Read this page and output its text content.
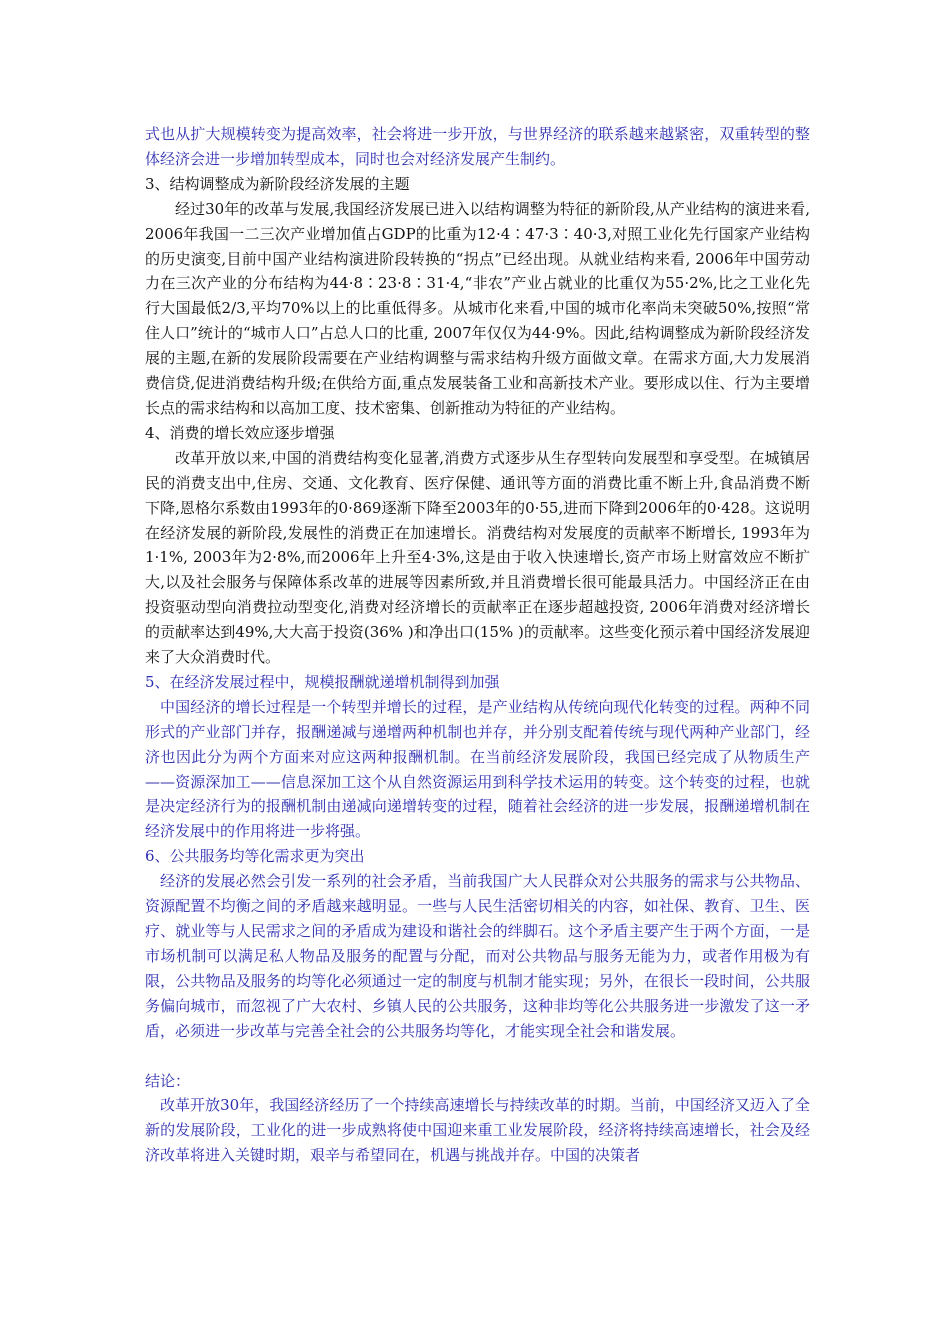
式也从扩大规模转变为提高效率，社会将进一步开放，与世界经济的联系越来越紧密，双重转型的整体经济会进一步增加转型成本，同时也会对经济发展产生制约。

3、结构调整成为新阶段经济发展的主题

经过30年的改革与发展,我国经济发展已进入以结构调整为特征的新阶段,从产业结构的演进来看, 2006年我国一二三次产业增加值占GDP的比重为12·4∶47·3∶40·3,对照工业化先行国家产业结构的历史演变,目前中国产业结构演进阶段转换的“拐点”已经出现。从就业结构来看, 2006年中国劳动力在三次产业的分布结构为44·8∶23·8∶31·4,“非农”产业占就业的比重仅为55·2%,比之工业化先行大国最低2/3,平均70%以上的比重低得多。从城市化来看,中国的城市化率尚未突破50%,按照“常住人口”统计的“城市人口”占总人口的比重, 2007年仅仅为44·9%。因此,结构调整成为新阶段经济发展的主题,在新的发展阶段需要在产业结构调整与需求结构升级方面做文章。在需求方面,大力发展消费信贷,促进消费结构升级;在供给方面,重点发展装备工业和高新技术产业。要形成以住、行为主要增长点的需求结构和以高加工度、技术密集、创新推动为特征的产业结构。

4、消费的增长效应逐步增强

改革开放以来,中国的消费结构变化显著,消费方式逐步从生存型转向发展型和享受型。在城镇居民的消费支出中,住房、交通、文化教育、医疗保健、通讯等方面的消费比重不断上升,食品消费不断下降,恩格尔系数由1993年的0·869逐渐下降至2003年的0·55,进而下降到2006年的0·428。这说明在经济发展的新阶段,发展性的消费正在加速增长。消费结构对发展度的贡献率不断增长, 1993年为1·1%, 2003年为2·8%,而2006年上升至4·3%,这是由于收入快速增长,资产市场上财富效应不断扩大,以及社会服务与保障体系改革的进展等因素所致,并且消费增长很可能最具活力。中国经济正在由投资驱动型向消费拉动型变化,消费对经济增长的贡献率正在逐步超越投资, 2006年消费对经济增长的贡献率达到49%,大大高于投资(36% )和净出口(15% )的贡献率。这些变化预示着中国经济发展迎来了大众消费时代。

5、在经济发展过程中，规模报酬就递增机制得到加强

中国经济的增长过程是一个转型并增长的过程，是产业结构从传统向现代化转变的过程。两种不同形式的产业部门并存，报酬递减与递增两种机制也并存，并分别支配着传统与现代两种产业部门，经济也因此分为两个方面来对应这两种报酬机制。在当前经济发展阶段，我国已经完成了从物质生产——资源深加工——信息深加工这个从自然资源运用到科学技术运用的转变。这个转变的过程，也就是决定经济行为的报酬机制由递减向递增转变的过程，随着社会经济的进一步发展，报酬递增机制在经济发展中的作用将进一步将强。

6、公共服务均等化需求更为突出

经济的发展必然会引发一系列的社会矛盾，当前我国广大人民群众对公共服务的需求与公共物品、资源配置不均衡之间的矛盾越来越明显。一些与人民生活密切相关的内容，如社保、教育、卫生、医疗、就业等与人民需求之间的矛盾成为建设和谐社会的绊脚石。这个矛盾主要产生于两个方面，一是市场机制可以满足私人物品及服务的配置与分配，而对公共物品与服务无能为力，或者作用极为有限，公共物品及服务的均等化必须通过一定的制度与机制才能实现；另外，在很长一段时间，公共服务偏向城市，而忽视了广大农村、乡镇人民的公共服务，这种非均等化公共服务进一步激发了这一矛盾，必须进一步改革与完善全社会的公共服务均等化，才能实现全社会和谐发展。

结论：

改革开放30年，我国经济经历了一个持续高速增长与持续改革的时期。当前，中国经济又迈入了全新的发展阶段，工业化的进一步成熟将使中国迎来重工业发展阶段，经济将持续高速增长，社会及经济改革将进入关键时期，艰辛与希望同在，机遇与挑战并存。中国的决策者
